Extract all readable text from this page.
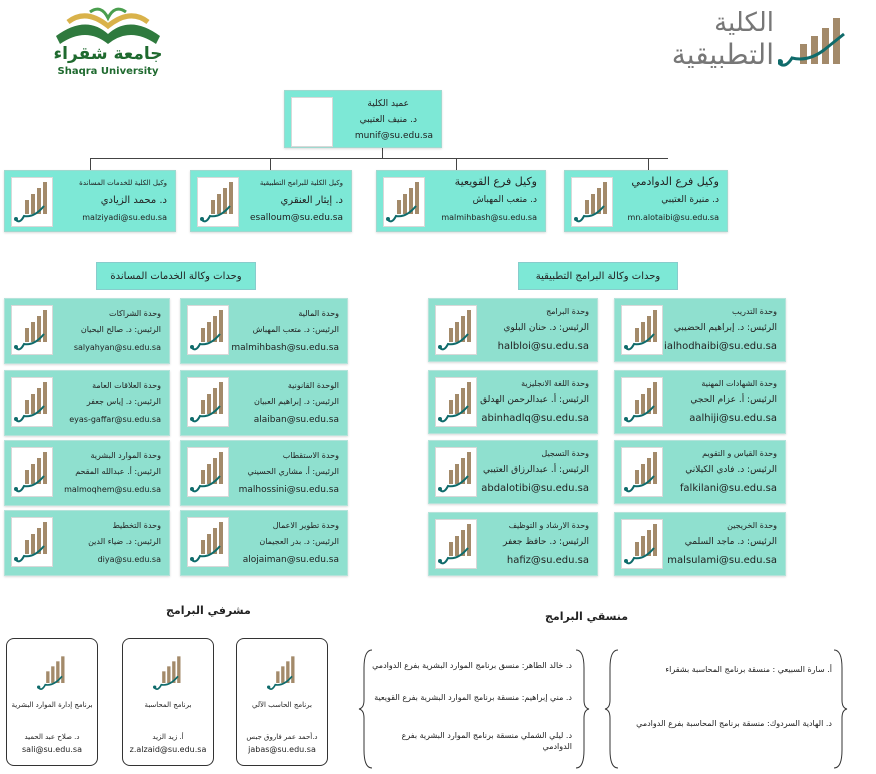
جامعة شقراء
Shaqra University
الكلية
التطبيقية
عميد الكلية
د. منيف العتيبي
munif@su.edu.sa
وكيل الكلية للخدمات المساندة
د. محمد الزيادي
malziyadi@su.edu.sa
وكيل الكلية للبرامج التطبيقية
د. إيثار العنقري
esalloum@su.edu.sa
وكيل فرع القويعية
د. متعب المهباش
malmihbash@su.edu.sa
وكيل فرع الدوادمي
د. منيرة العتيبي
mn.alotaibi@su.edu.sa
وحدات وكالة الخدمات المساندة	وحدات وكالة البرامج التطبيقية
وحدة الشراكات
الرئيس: د. صالح اليحيان
salyahyan@su.edu.sa
وحدة المالية
الرئيس: د. متعب المهباش
malmihbash@su.edu.sa
وحدة العلاقات العامة
الرئيس: د. إياس جعفر
eyas-gaffar@su.edu.sa
الوحدة القانونية
الرئيس: د. إبراهيم العبيان
alaiban@su.edu.sa
وحدة الموارد البشرية
الرئيس: أ. عبدالله المقحم
malmoqhem@su.edu.sa
وحدة الاستقطاب
الرئيس: أ. مشاري الحسيني
malhossini@su.edu.sa
وحدة التخطيط
الرئيس: د. ضياء الدين
diya@su.edu.sa
وحدة تطوير الاعمال
الرئيس: د. بدر العجيمان
alojaiman@su.edu.sa
وحدة البرامج
الرئيس: د. حنان البلوي
halbloi@su.edu.sa
وحدة التدريب
الرئيس: د. إبراهيم الحضيبي
ialhodhaibi@su.edu.sa
وحدة اللغة الانجليزية
الرئيس: أ. عبدالرحمن الهدلق
abinhadlq@su.edu.sa
وحدة الشهادات المهنية
الرئيس: أ. عزام الحجي
aalhiji@su.edu.sa
وحدة التسجيل
الرئيس: أ. عبدالرزاق العتيبي
abdalotibi@su.edu.sa
وحدة القياس و التقويم
الرئيس: د. فادي الكيلاني
falkilani@su.edu.sa
وحدة الارشاد و التوظيف
الرئيس: د. حافظ جعفر
hafiz@su.edu.sa
وحدة الخريجين
الرئيس: د. ماجد السلمي
malsulami@su.edu.sa
مشرفي البرامج	منسقي البرامج
برنامج إدارة الموارد البشرية
د. صلاح عبد الحميد
sali@su.edu.sa
برنامج المحاسبة
أ. زيد الزيد
z.alzaid@su.edu.sa
برنامج الحاسب الآلي
د.أحمد عمر فاروق جبس
jabas@su.edu.sa
د. خالد الطاهر: منسق برنامج الموارد البشرية بفرع الدوادمي
د. مني إبراهيم: منسقة برنامج الموارد البشرية بفرع القويعية
د. ليلي الشملي منسقة برنامج الموارد البشرية بفرع الدوادمي
أ. سارة السبيعي : منسقة برنامج المحاسبة بشقراء
د. الهادية السردوك: منسقة برنامج المحاسبة بفرع الدوادمي
